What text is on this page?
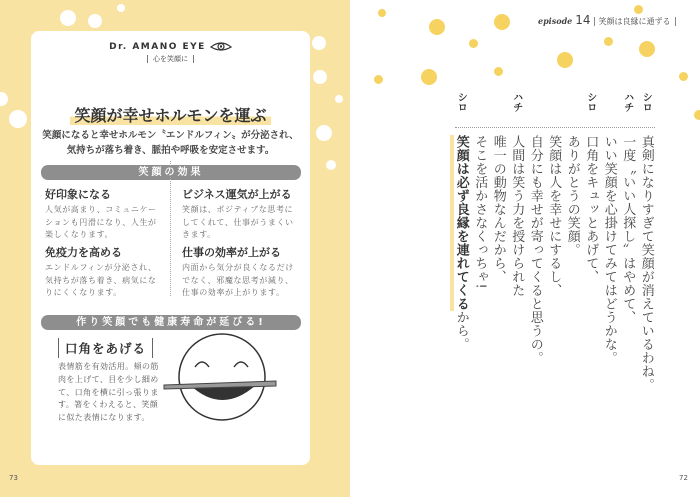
Dr. AMANO EYE
心を笑顔に
笑顔が幸せホルモンを運ぶ
笑顔になると幸せホルモン〝エンドルフィン〟が分泌され、
気持ちが落ち着き、脈拍や呼吸を安定させます。
笑顔の効果
好印象になる

人気が高まり、コミュニケーションも円滑になり、人生が楽しくなります。

ビジネス運気が上がる

笑顔は、ポジティブな思考にしてくれて、仕事がうまくいきます。

免疫力を高める

エンドルフィンが分泌され、気持ちが落ち着き、病気になりにくくなります。

仕事の効率が上がる

内面から気分が良くなるだけでなく、邪魔な思考が減り、仕事の効率が上がります。

作り笑顔でも健康寿命が延びる!
口角をあげる
表情筋を有効活用。頬の筋肉を上げて、目を少し細めて、口角を横に引っ張ります。箸をくわえると、笑顔に似た表情になります。
73
episode 14 笑顔は良縁に通ずる
シロ
真剣になりすぎて笑顔が消えているわね。
ハチ
一度〝いい人探し〟はやめて、
いい笑顔を心掛けてみてはどうかな。
シロ
口角をキュッとあげて、
ありがとうの笑顔。
笑顔は人を幸せにするし、
自分にも幸せが寄ってくると思うの。
ハチ
人間は笑う力を授けられた
唯一の動物なんだから、
そこを活かさなくっちゃ!
シロ
笑顔は必ず良縁を連れてくるから。
72
